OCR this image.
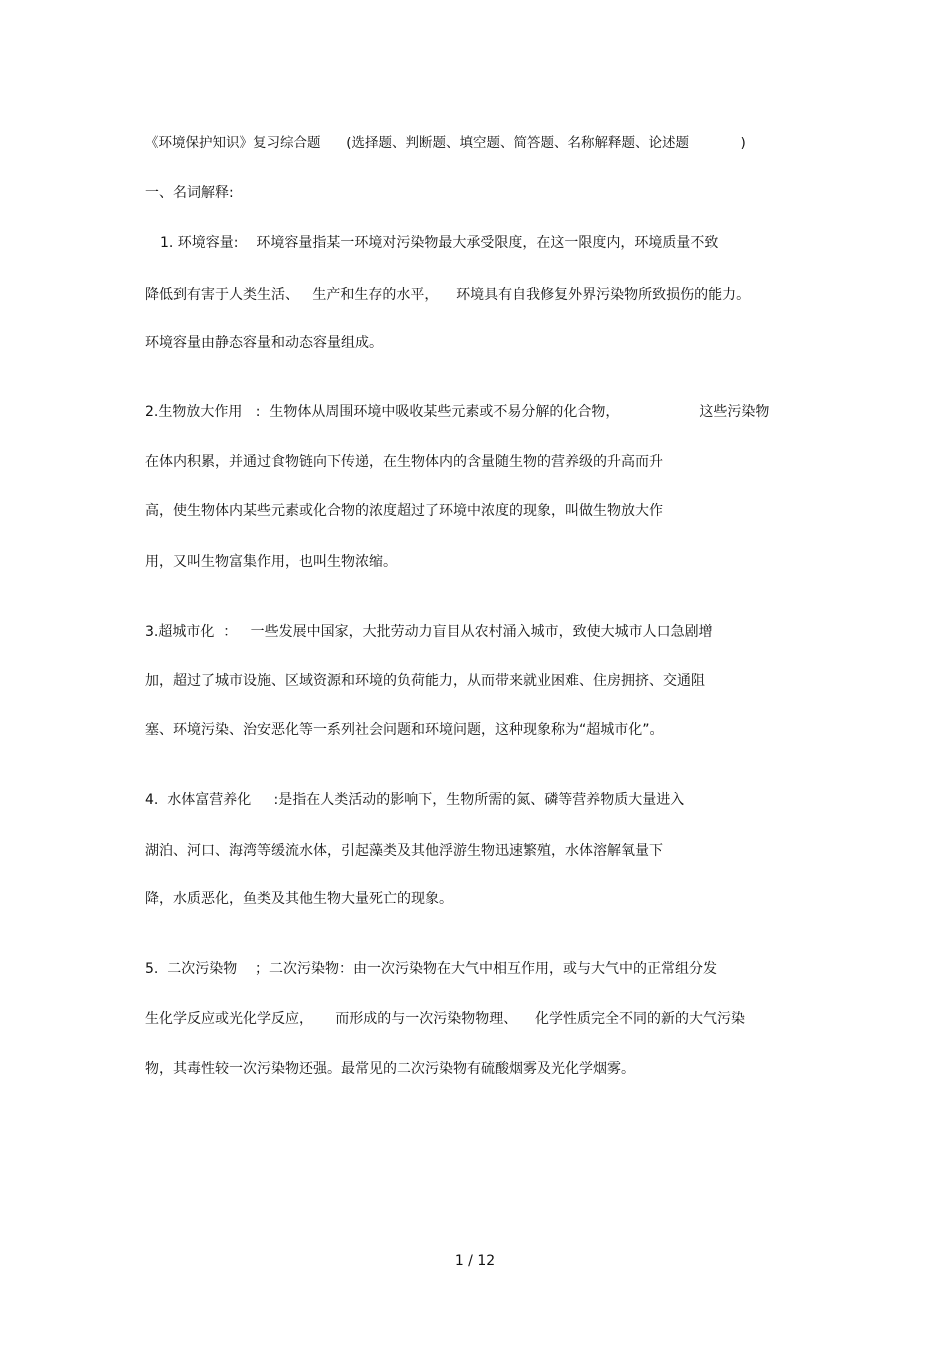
《环境保护知识》复习综合题      (选择题、判断题、填空题、简答题、名称解释题、论述题            )
一、名词解释:
1. 环境容量:    环境容量指某一环境对污染物最大承受限度，在这一限度内，环境质量不致
降低到有害于人类生活、   生产和生存的水平，    环境具有自我修复外界污染物所致损伤的能力。
环境容量由静态容量和动态容量组成。
2.生物放大作用   :  生物体从周围环境中吸收某些元素或不易分解的化合物，                  这些污染物
在体内积累，并通过食物链向下传递，在生物体内的含量随生物的营养级的升高而升
高，使生物体内某些元素或化合物的浓度超过了环境中浓度的现象，叫做生物放大作
用，又叫生物富集作用，也叫生物浓缩。
3.超城市化  ：   一些发展中国家，大批劳动力盲目从农村涌入城市，致使大城市人口急剧增
加，超过了城市设施、区域资源和环境的负荷能力，从而带来就业困难、住房拥挤、交通阻
塞、环境污染、治安恶化等一系列社会问题和环境问题，这种现象称为“超城市化”。
4.  水体富营养化     :是指在人类活动的影响下，生物所需的氮、磷等营养物质大量进入
湖泊、河口、海湾等缓流水体，引起藻类及其他浮游生物迅速繁殖，水体溶解氧量下
降，水质恶化，鱼类及其他生物大量死亡的现象。
5.  二次污染物    ；二次污染物：由一次污染物在大气中相互作用，或与大气中的正常组分发
生化学反应或光化学反应，     而形成的与一次污染物物理、    化学性质完全不同的新的大气污染
物，其毒性较一次污染物还强。最常见的二次污染物有硫酸烟雾及光化学烟雾。
1 / 12
